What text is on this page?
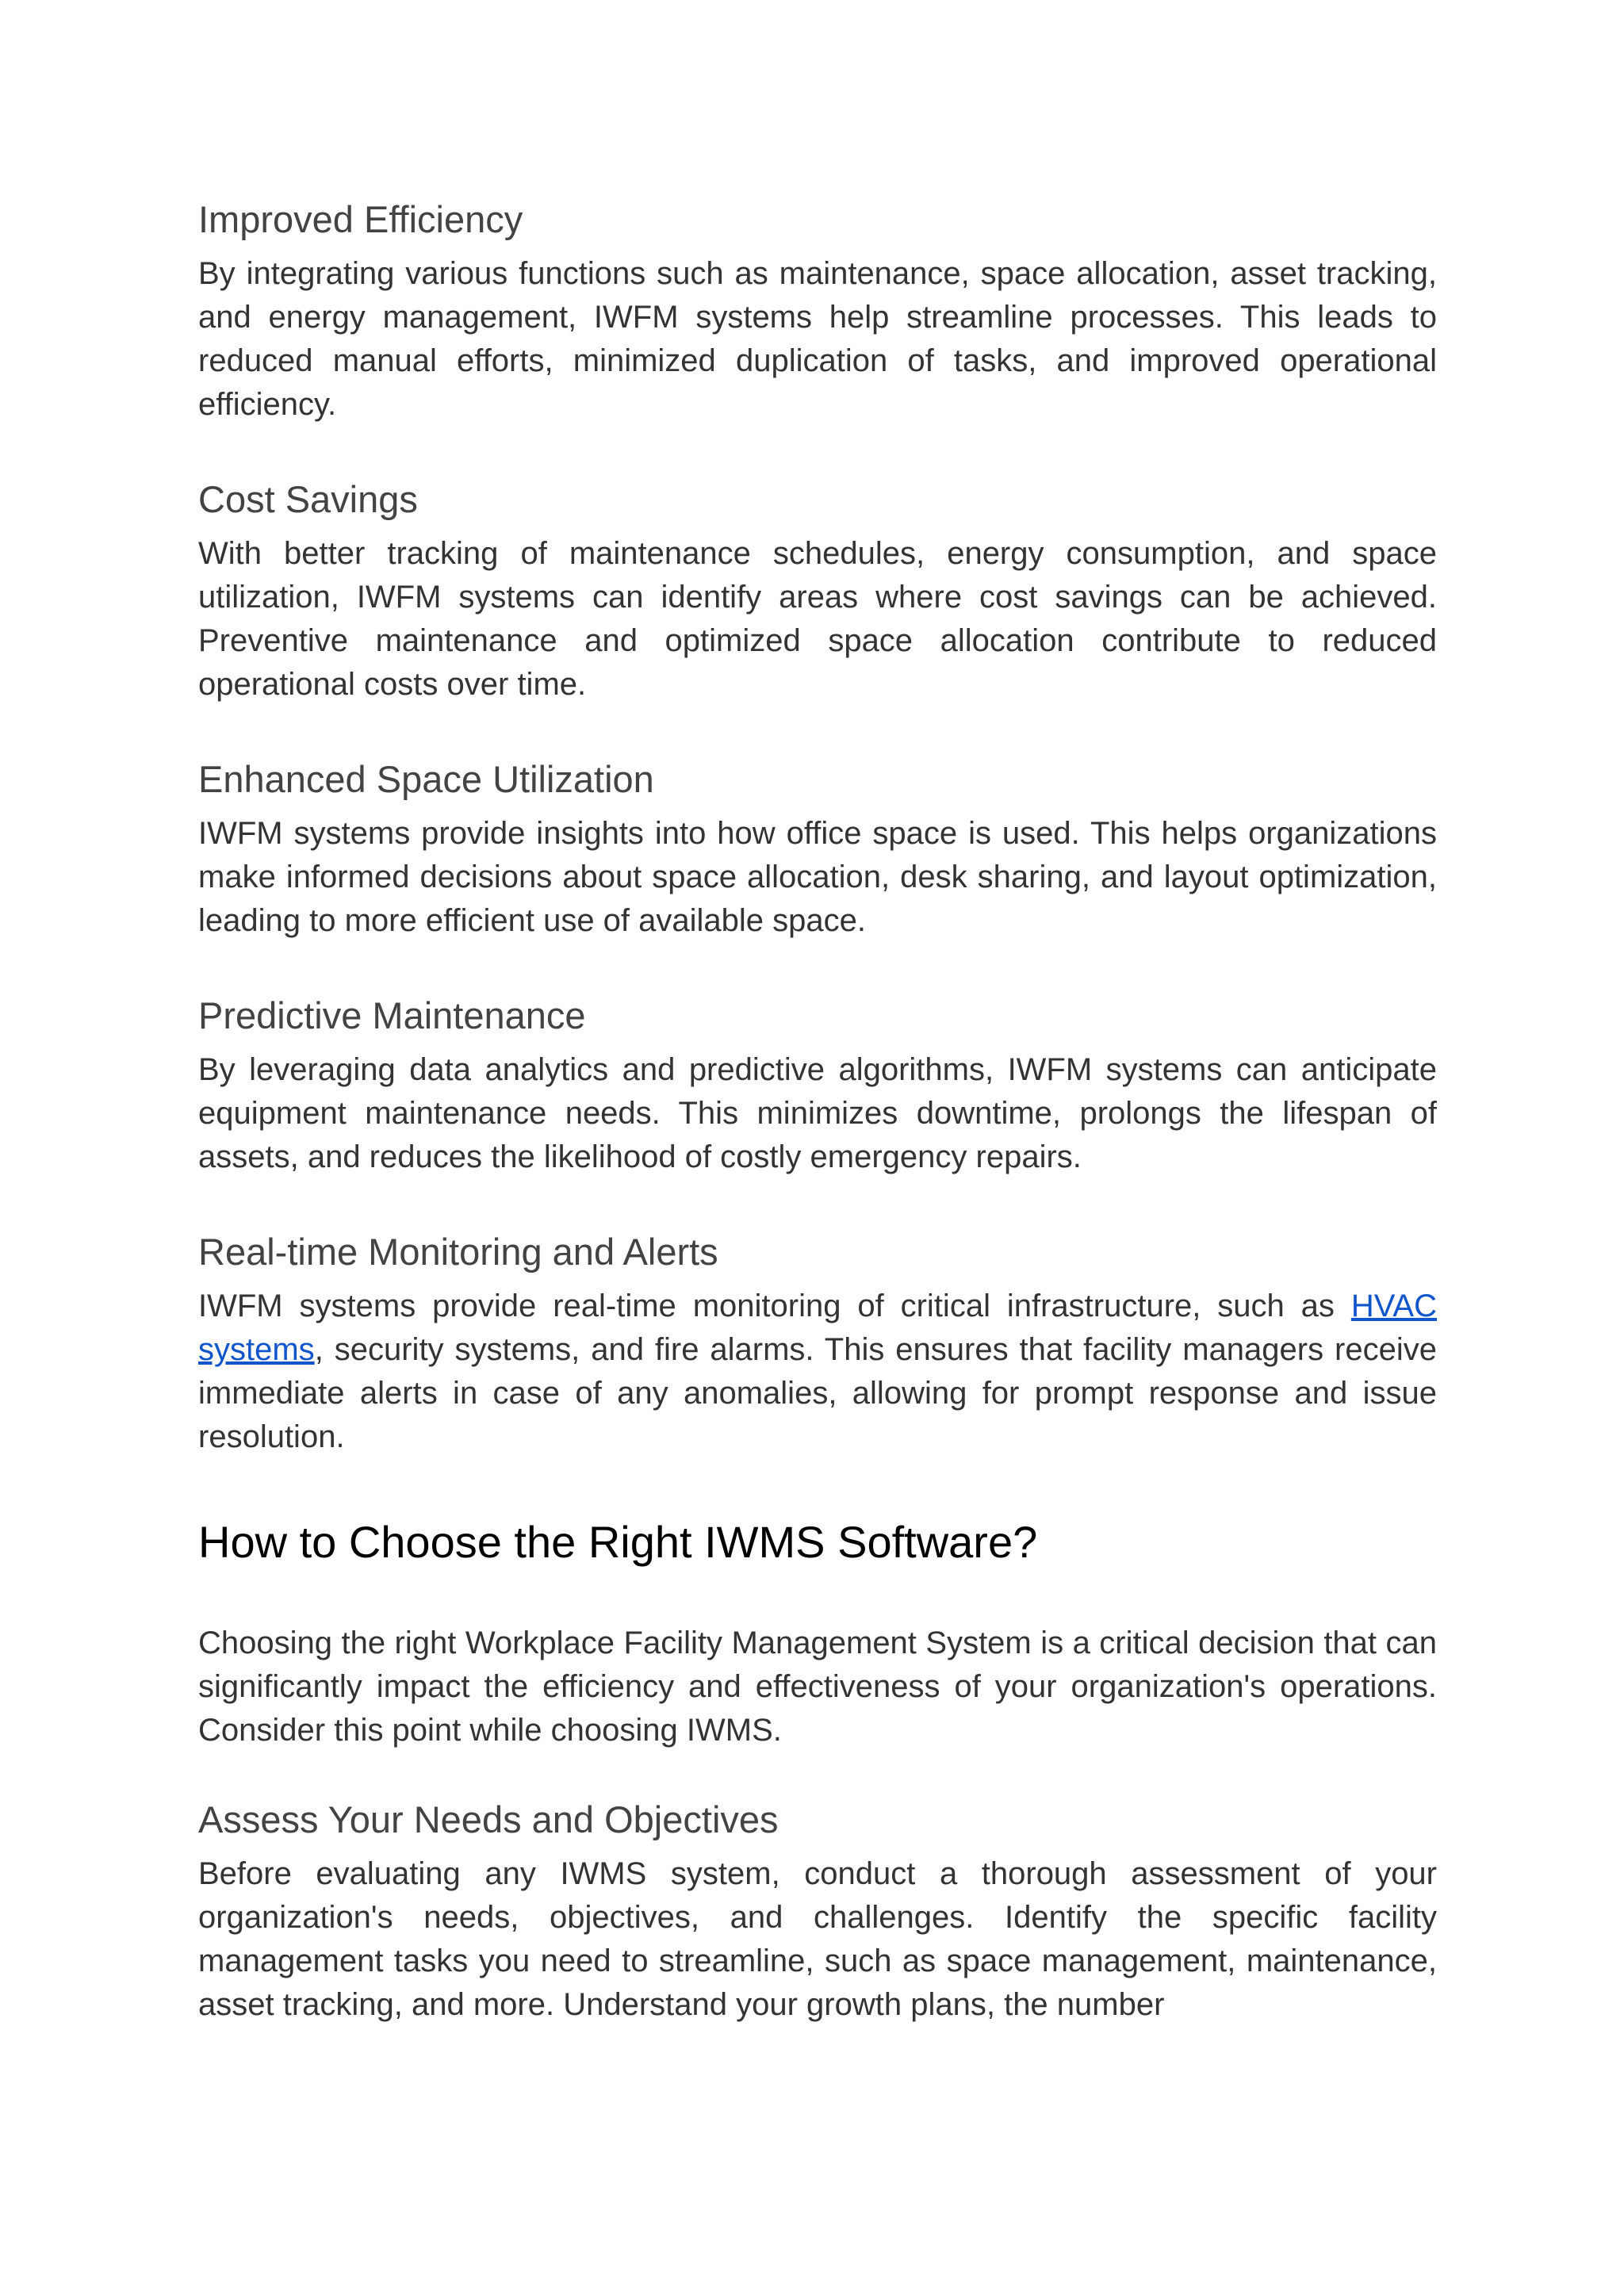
Improved Efficiency

By integrating various functions such as maintenance, space allocation, asset tracking, and energy management, IWFM systems help streamline processes. This leads to reduced manual efforts, minimized duplication of tasks, and improved operational efficiency.

Cost Savings

With better tracking of maintenance schedules, energy consumption, and space utilization, IWFM systems can identify areas where cost savings can be achieved. Preventive maintenance and optimized space allocation contribute to reduced operational costs over time.

Enhanced Space Utilization

IWFM systems provide insights into how office space is used. This helps organizations make informed decisions about space allocation, desk sharing, and layout optimization, leading to more efficient use of available space.

Predictive Maintenance

By leveraging data analytics and predictive algorithms, IWFM systems can anticipate equipment maintenance needs. This minimizes downtime, prolongs the lifespan of assets, and reduces the likelihood of costly emergency repairs.

Real-time Monitoring and Alerts

IWFM systems provide real-time monitoring of critical infrastructure, such as HVAC systems, security systems, and fire alarms. This ensures that facility managers receive immediate alerts in case of any anomalies, allowing for prompt response and issue resolution.

How to Choose the Right IWMS Software?

Choosing the right Workplace Facility Management System is a critical decision that can significantly impact the efficiency and effectiveness of your organization's operations. Consider this point while choosing IWMS.

Assess Your Needs and Objectives

Before evaluating any IWMS system, conduct a thorough assessment of your organization's needs, objectives, and challenges. Identify the specific facility management tasks you need to streamline, such as space management, maintenance, asset tracking, and more. Understand your growth plans, the number
